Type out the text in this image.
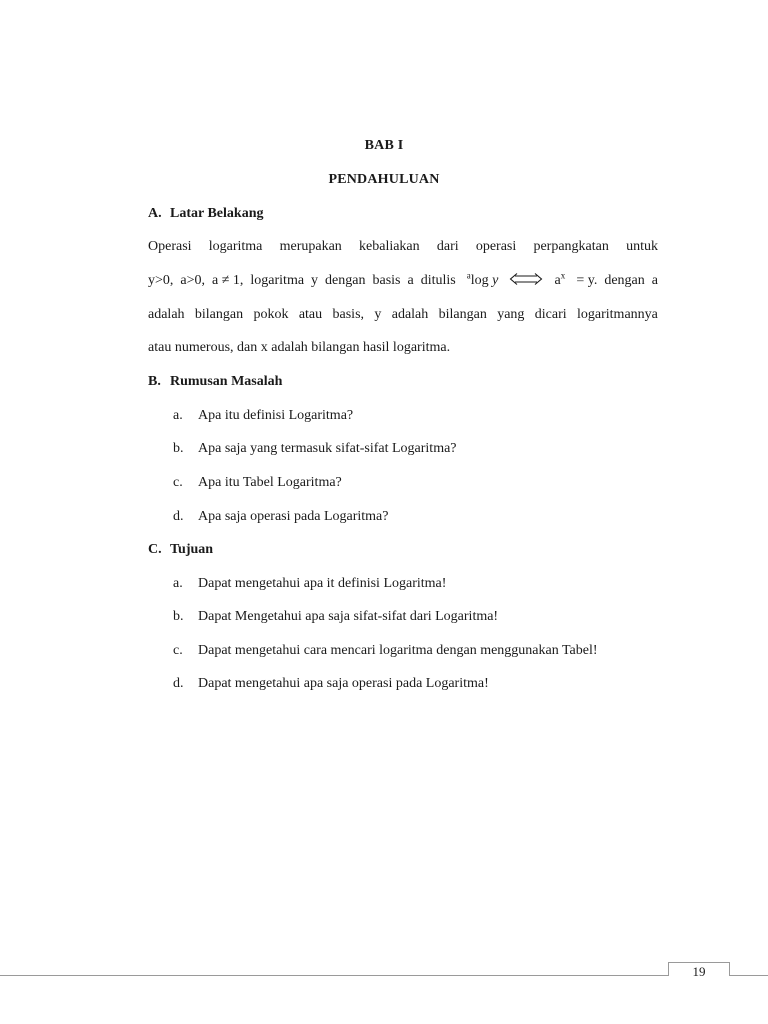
BAB I
PENDAHULUAN
A. Latar Belakang
Operasi logaritma merupakan kebaliakan dari operasi perpangkatan untuk
y>0,  a>0,  a ≠ 1,  logaritma  y  dengan  basis  a  ditulis $^a$log y	$a^x = y$.  dengan  a
adalah bilangan pokok atau basis, y adalah bilangan yang dicari logaritmannya
atau numerous, dan x adalah bilangan hasil logaritma.
B. Rumusan Masalah
a. Apa itu definisi Logaritma?
b. Apa saja yang termasuk sifat-sifat Logaritma?
c. Apa itu Tabel Logaritma?
d. Apa saja operasi pada Logaritma?
C. Tujuan
a. Dapat mengetahui apa it definisi Logaritma!
b. Dapat Mengetahui apa saja sifat-sifat dari Logaritma!
c. Dapat mengetahui cara mencari logaritma dengan menggunakan Tabel!
d. Dapat mengetahui apa saja operasi pada Logaritma!
19
